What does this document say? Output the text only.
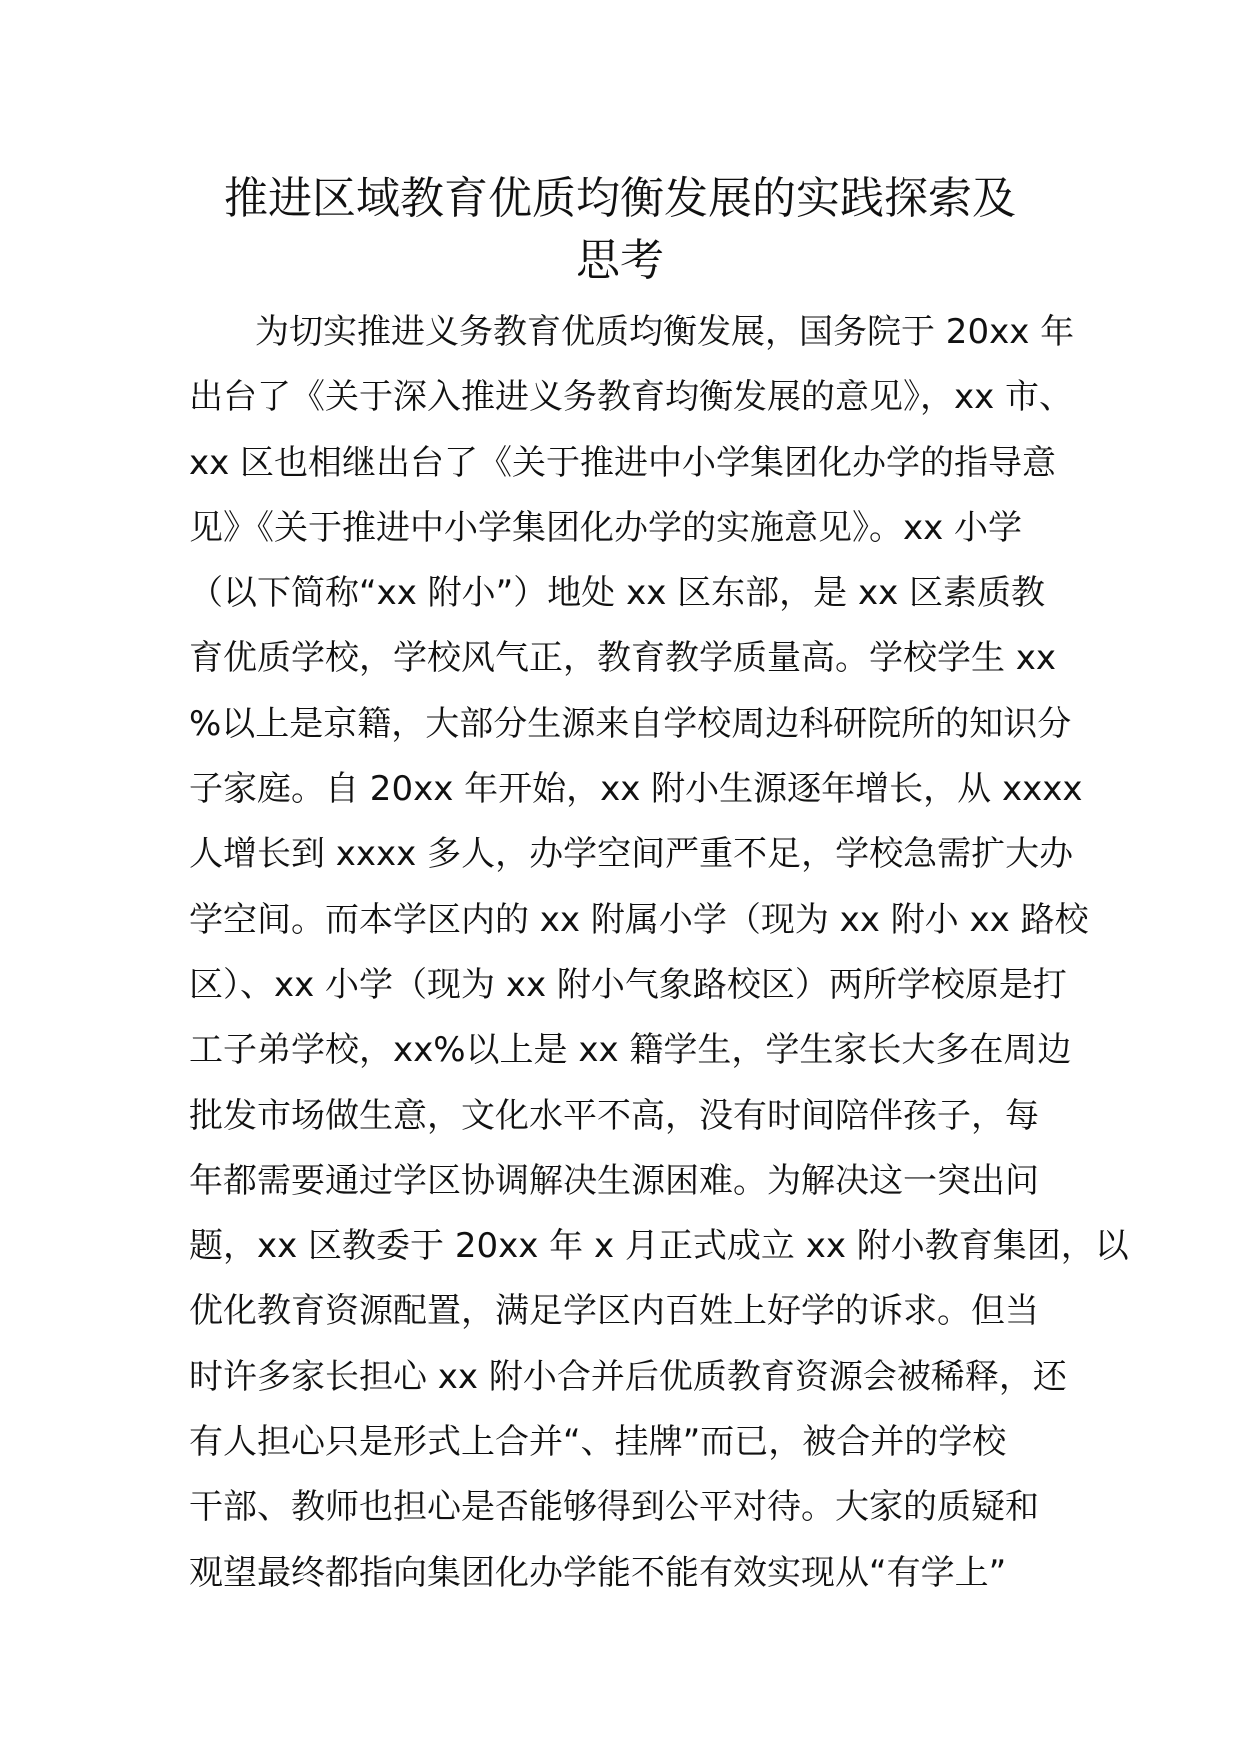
推进区域教育优质均衡发展的实践探索及
思考
为切实推进义务教育优质均衡发展，国务院于 20xx 年
出台了《关于深入推进义务教育均衡发展的意见》，xx 市、
xx 区也相继出台了《关于推进中小学集团化办学的指导意
见》《关于推进中小学集团化办学的实施意见》。xx 小学
（以下简称“xx 附小”）地处 xx 区东部，是 xx 区素质教
育优质学校，学校风气正，教育教学质量高。学校学生 xx
%以上是京籍，大部分生源来自学校周边科研院所的知识分
子家庭。自 20xx 年开始，xx 附小生源逐年增长，从 xxxx
人增长到 xxxx 多人，办学空间严重不足，学校急需扩大办
学空间。而本学区内的 xx 附属小学（现为 xx 附小 xx 路校
区）、xx 小学（现为 xx 附小气象路校区）两所学校原是打
工子弟学校，xx%以上是 xx 籍学生，学生家长大多在周边
批发市场做生意，文化水平不高，没有时间陪伴孩子，每
年都需要通过学区协调解决生源困难。为解决这一突出问
题，xx 区教委于 20xx 年 x 月正式成立 xx 附小教育集团，以
优化教育资源配置，满足学区内百姓上好学的诉求。但当
时许多家长担心 xx 附小合并后优质教育资源会被稀释，还
有人担心只是形式上合并“、挂牌”而已，被合并的学校
干部、教师也担心是否能够得到公平对待。大家的质疑和
观望最终都指向集团化办学能不能有效实现从“有学上”
